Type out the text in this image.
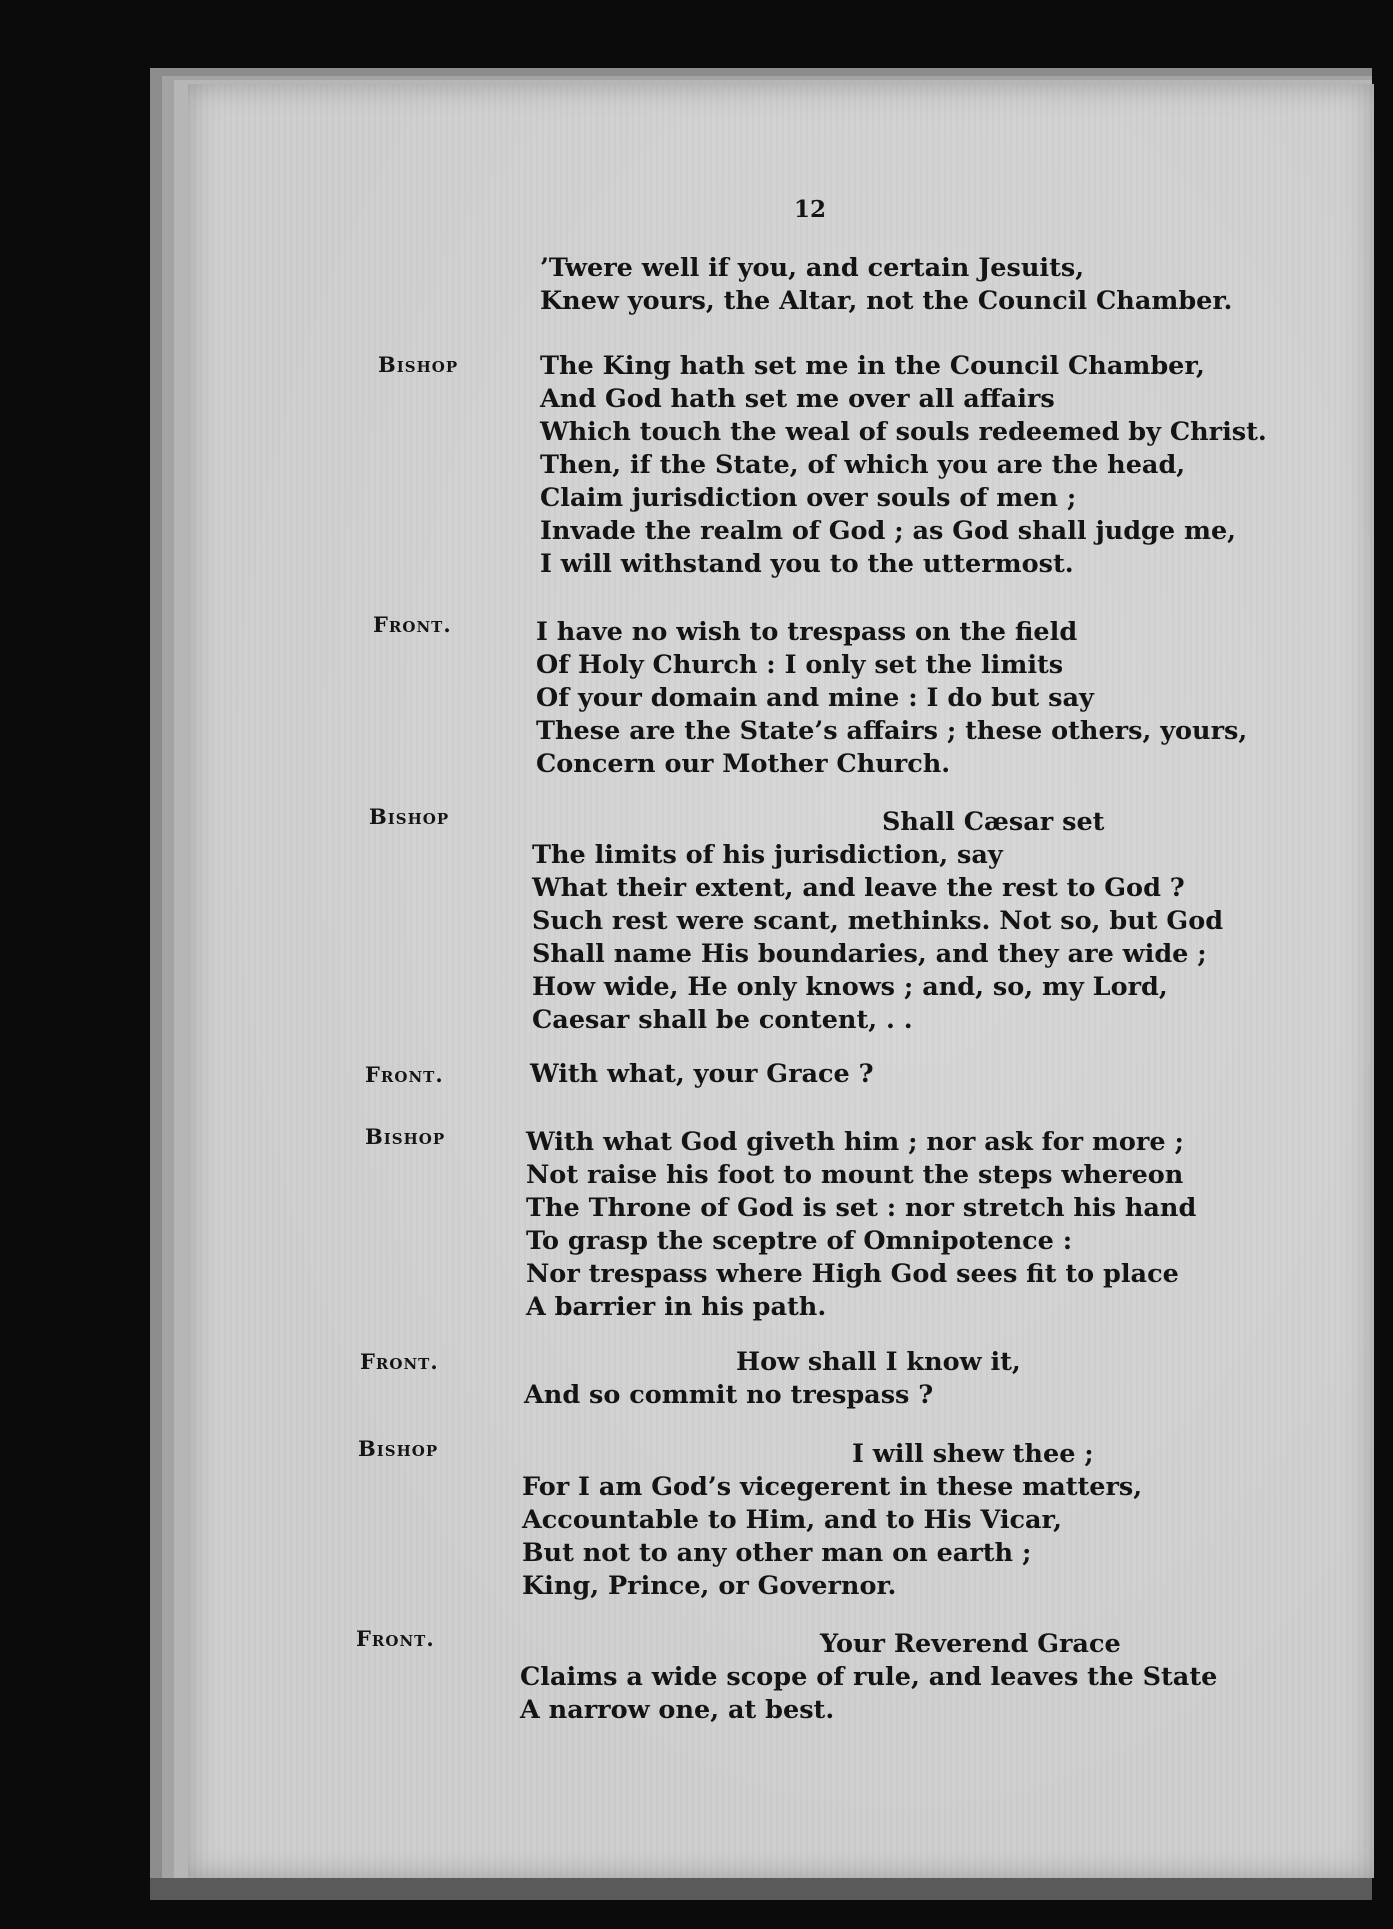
12
’Twere well if you, and certain Jesuits,
Knew yours, the Altar, not the Council Chamber.
Bishop	The King hath set me in the Council Chamber,
And God hath set me over all affairs
Which touch the weal of souls redeemed by Christ.
Then, if the State, of which you are the head,
Claim jurisdiction over souls of men ;
Invade the realm of God ; as God shall judge me,
I will withstand you to the uttermost.
Front.	I have no wish to trespass on the field
Of Holy Church : I only set the limits
Of your domain and mine : I do but say
These are the State’s affairs ; these others, yours,
Concern our Mother Church.
Bishop	Shall Cæsar set
The limits of his jurisdiction, say
What their extent, and leave the rest to God ?
Such rest were scant, methinks. Not so, but God
Shall name His boundaries, and they are wide ;
How wide, He only knows ; and, so, my Lord,
Caesar shall be content, . .
Front.	With what, your Grace ?
Bishop	With what God giveth him ; nor ask for more ;
Not raise his foot to mount the steps whereon
The Throne of God is set : nor stretch his hand
To grasp the sceptre of Omnipotence :
Nor trespass where High God sees fit to place
A barrier in his path.
Front.	How shall I know it,
And so commit no trespass ?
Bishop	I will shew thee ;
For I am God’s vicegerent in these matters,
Accountable to Him, and to His Vicar,
But not to any other man on earth ;
King, Prince, or Governor.
Front.	Your Reverend Grace
Claims a wide scope of rule, and leaves the State
A narrow one, at best.
